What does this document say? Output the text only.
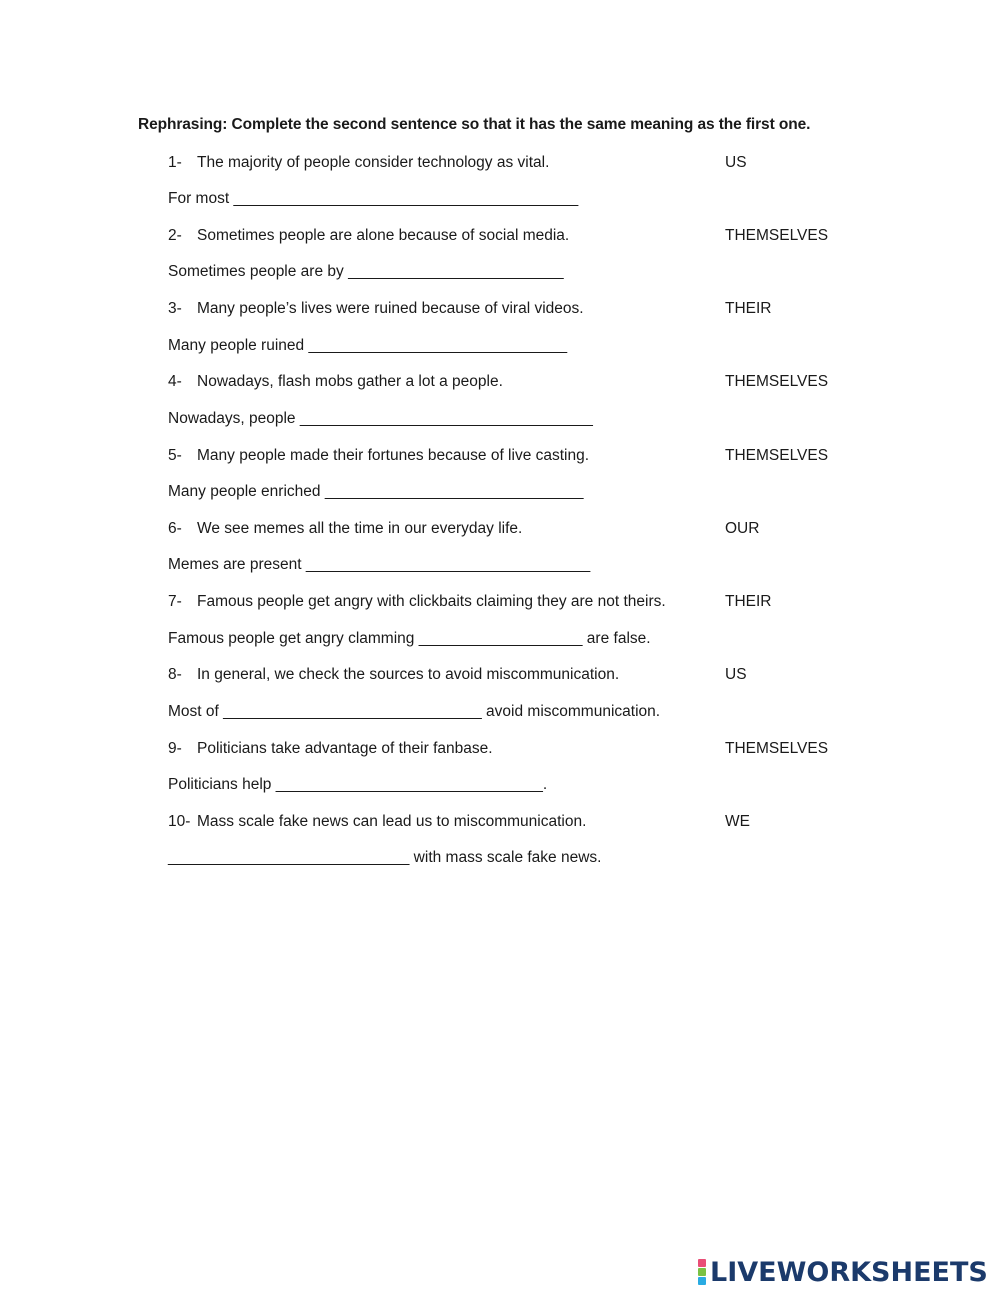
Rephrasing: Complete the second sentence so that it has the same meaning as the first one.
1- The majority of people consider technology as vital.	US
For most ________________________________________
2- Sometimes people are alone because of social media.	THEMSELVES
Sometimes people are by _________________________
3- Many people’s lives were ruined because of viral videos.	THEIR
Many people ruined ______________________________
4- Nowadays, flash mobs gather a lot a people.	THEMSELVES
Nowadays, people __________________________________
5- Many people made their fortunes because of live casting.	THEMSELVES
Many people enriched ______________________________
6- We see memes all the time in our everyday life.	OUR
Memes are present _________________________________
7- Famous people get angry with clickbaits claiming they are not theirs.	THEIR
Famous people get angry clamming ___________________ are false.
8- In general, we check the sources to avoid miscommunication.	US
Most of ______________________________ avoid miscommunication.
9- Politicians take advantage of their fanbase.	THEMSELVES
Politicians help _______________________________.
10- Mass scale fake news can lead us to miscommunication.	WE
____________________________ with mass scale fake news.
LIVEWORKSHEETS
